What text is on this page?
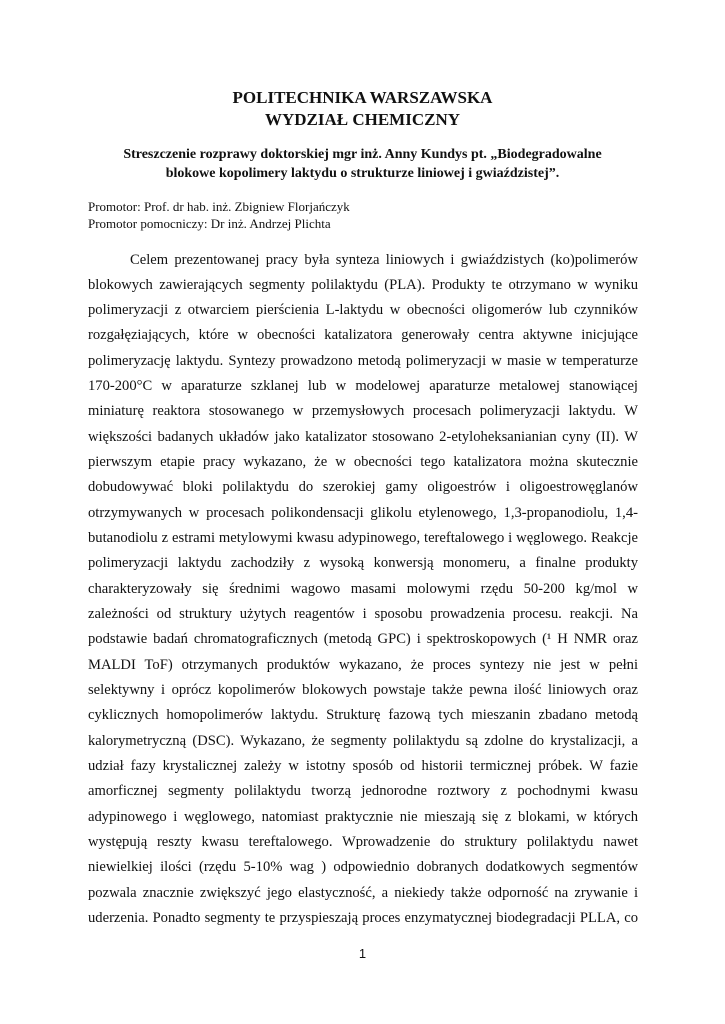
POLITECHNIKA WARSZAWSKA
WYDZIAŁ CHEMICZNY
Streszczenie rozprawy doktorskiej mgr inż. Anny Kundys pt. „Biodegradowalne
blokowe kopolimery laktydu o strukturze liniowej i gwiaździstej”.
Promotor: Prof. dr hab. inż. Zbigniew Florjańczyk
Promotor pomocniczy: Dr inż. Andrzej Plichta
Celem prezentowanej pracy była synteza liniowych i gwiaździstych (ko)polimerów
blokowych zawierających segmenty polilaktydu (PLA). Produkty te otrzymano w wyniku
polimeryzacji z otwarciem pierścienia L-laktydu w obecności oligomerów lub czynników
rozgałęziających, które w obecności katalizatora generowały centra aktywne inicjujące
polimeryzację laktydu. Syntezy prowadzono metodą polimeryzacji w masie w temperaturze
170-200°C w aparaturze szklanej lub w modelowej aparaturze metalowej stanowiącej
miniaturę reaktora stosowanego w przemysłowych procesach polimeryzacji laktydu. W
większości badanych układów jako katalizator stosowano 2-etyloheksanianian cyny (II). W
pierwszym etapie pracy wykazano, że w obecności tego katalizatora można skutecznie
dobudowywać bloki polilaktydu do szerokiej gamy oligoestrów i oligoestrowęglanów
otrzymywanych w procesach polikondensacji glikolu etylenowego, 1,3-propanodiolu, 1,4-
butanodiolu z estrami metylowymi kwasu adypinowego, tereftalowego i węglowego. Reakcje
polimeryzacji laktydu zachodziły z wysoką konwersją monomeru, a finalne produkty
charakteryzowały się średnimi wagowo masami molowymi rzędu 50-200 kg/mol w
zależności od struktury użytych reagentów i sposobu prowadzenia procesu. reakcji. Na
podstawie badań chromatograficznych (metodą GPC) i spektroskopowych (¹ H NMR oraz
MALDI ToF) otrzymanych produktów wykazano, że proces syntezy nie jest w pełni
selektywny i oprócz kopolimerów blokowych powstaje także pewna ilość liniowych oraz
cyklicznych homopolimerów laktydu. Strukturę fazową tych mieszanin zbadano metodą
kalorymetryczną (DSC). Wykazano, że segmenty polilaktydu są zdolne do krystalizacji, a
udział fazy krystalicznej zależy w istotny sposób od historii termicznej próbek. W fazie
amorficznej segmenty polilaktydu tworzą jednorodne roztwory z pochodnymi kwasu
adypinowego i węglowego, natomiast praktycznie nie mieszają się z blokami, w których
występują reszty kwasu tereftalowego. Wprowadzenie do struktury polilaktydu nawet
niewielkiej ilości (rzędu 5-10% wag ) odpowiednio dobranych dodatkowych segmentów
pozwala znacznie zwiększyć jego elastyczność, a niekiedy także odporność na zrywanie i
uderzenia. Ponadto segmenty te przyspieszają proces enzymatycznej biodegradacji PLLA, co
1
